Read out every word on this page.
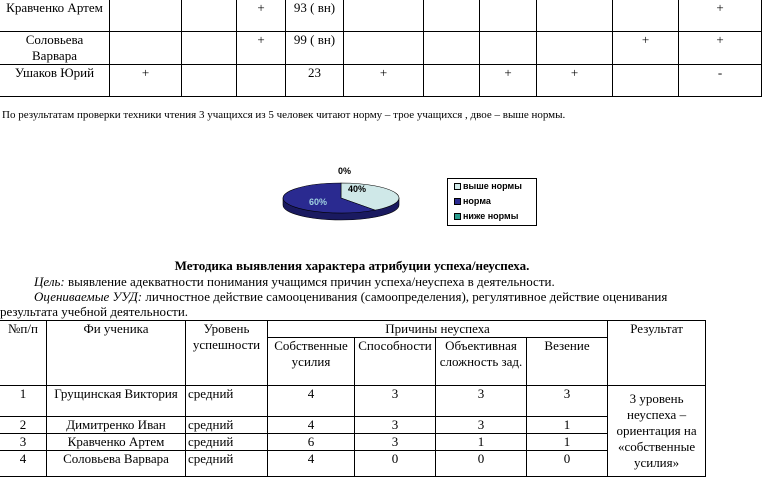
Кравченко Артем			+	93 ( вн)						+
Соловьева Варвара			+	99 ( вн)					+	+
Ушаков Юрий	+			23	+		+	+		-
По результатам проверки техники чтения 3 учащихся из 5 человек читают норму – трое учащихся , двое – выше нормы.
0%
40%
60%
выше нормы
норма
ниже нормы
Методика выявления характера атрибуции успеха/неуспеха.
Цель: выявление адекватности понимания учащимся причин успеха/неуспеха в деятельности.
Оцениваемые УУД: личностное действие самооценивания (самоопределения), регулятивное действие оценивания
результата учебной деятельности.
№п/п	Фи ученика	Уровень успешности	Причины неуспеха				Результат
			Собственные усилия	Способности	Объективная сложность зад.	Везение	
1	Грущинская Виктория	средний	4	3	3	3	3 уровень неуспеха – ориентация на «собственные усилия»
2	Димитренко Иван	средний	4	3	3	1	
3	Кравченко Артем	средний	6	3	1	1	
4	Соловьева Варвара	средний	4	0	0	0	
